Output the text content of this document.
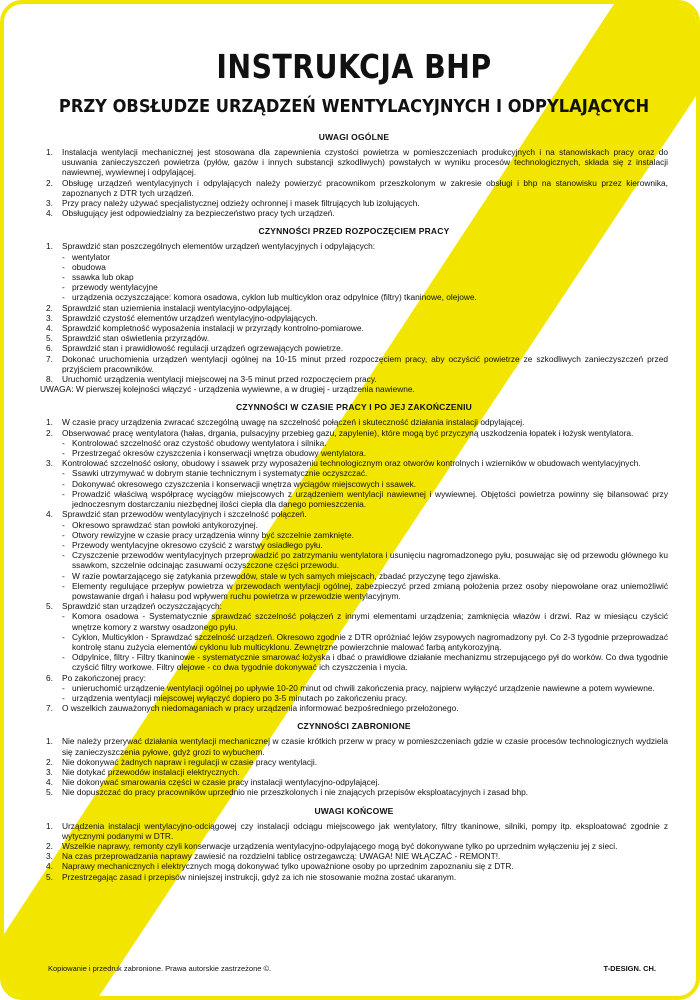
INSTRUKCJA BHP
PRZY OBSŁUDZE URZĄDZEŃ WENTYLACYJNYCH I ODPYLAJĄCYCH
UWAGI OGÓLNE
1. Instalacja wentylacji mechanicznej jest stosowana dla zapewnienia czystości powietrza w pomieszczeniach produkcyjnych i na stanowiskach pracy oraz do usuwania zanieczyszczeń powietrza (pyłów, gazów i innych substancji szkodliwych) powstałych w wyniku procesów technologicznych, składa się z instalacji nawiewnej, wywiewnej i odpylającej.
2. Obsługę urządzeń wentylacyjnych i odpylających należy powierzyć pracownikom przeszkolonym w zakresie obsługi i bhp na stanowisku przez kierownika, zapoznanych z DTR tych urządzeń.
3. Przy pracy należy używać specjalistycznej odzieży ochronnej i masek filtrujących lub izolujących.
4. Obsługujący jest odpowiedzialny za bezpieczeństwo pracy tych urządzeń.
CZYNNOŚCI PRZED ROZPOCZĘCIEM PRACY
1. Sprawdzić stan poszczególnych elementów urządzeń wentylacyjnych i odpylających:
- wentylator
- obudowa
- ssawka lub okap
- przewody wentylacyjne
- urządzenia oczyszczające: komora osadowa, cyklon lub multicyklon oraz odpylnice (filtry) tkaninowe, olejowe.
2. Sprawdzić stan uziemienia instalacji wentylacyjno-odpylającej.
3. Sprawdzić czystość elementów urządzeń wentylacyjno-odpylających.
4. Sprawdzić kompletność wyposażenia instalacji w przyrządy kontrolno-pomiarowe.
5. Sprawdzić stan oświetlenia przyrządów.
6. Sprawdzić stan i prawidłowość regulacji urządzeń ogrzewających powietrze.
7. Dokonać uruchomienia urządzeń wentylacji ogólnej na 10-15 minut przed rozpoczęciem pracy, aby oczyścić powietrze ze szkodliwych zanieczyszczeń przed przyjściem pracowników.
8. Uruchomić urządzenia wentylacji miejscowej na 3-5 minut przed rozpoczęciem pracy.
UWAGA: W pierwszej kolejności włączyć - urządzenia wywiewne, a w drugiej - urządzenia nawiewne.
CZYNNOŚCI W CZASIE PRACY I PO JEJ ZAKOŃCZENIU
1. W czasie pracy urządzenia zwracać szczególną uwagę na szczelność połączeń i skuteczność działania instalacji odpylającej.
2. Obserwować pracę wentylatora (hałas, drgania, pulsacyjny przebieg gazu, zapylenie), które mogą być przyczyną uszkodzenia łopatek i łożysk wentylatora.
- Kontrolować szczelność oraz czystość obudowy wentylatora i silnika.
- Przestrzegać okresów czyszczenia i konserwacji wnętrza obudowy wentylatora.
3. Kontrolować szczelność osłony, obudowy i ssawek przy wyposażeniu technologicznym oraz otworów kontrolnych i wzierników w obudowach wentylacyjnych.
- Ssawki utrzymywać w dobrym stanie technicznym i systematycznie oczyszczać.
- Dokonywać okresowego czyszczenia i konserwacji wnętrza wyciągów miejscowych i ssawek.
- Prowadzić właściwą współpracę wyciągów miejscowych z urządzeniem wentylacji nawiewnej i wywiewnej. Objętości powietrza powinny się bilansować przy jednoczesnym dostarczaniu niezbędnej ilości ciepła dla danego pomieszczenia.
4. Sprawdzić stan przewodów wentylacyjnych i szczelność połączeń.
- Okresowo sprawdzać stan powłoki antykorozyjnej.
- Otwory rewizyjne w czasie pracy urządzenia winny być szczelnie zamknięte.
- Przewody wentylacyjne okresowo czyścić z warstwy osiadłego pyłu.
- Czyszczenie przewodów wentylacyjnych przeprowadzić po zatrzymaniu wentylatora i usunięciu nagromadzonego pyłu, posuwając się od przewodu głównego ku ssawkom, szczelnie odcinając zasuwami oczyszczone części przewodu.
- W razie powtarzającego się zatykania przewodów, stale w tych samych miejscach, zbadać przyczynę tego zjawiska.
- Elementy regulujące przepływ powietrza w przewodach wentylacji ogólnej, zabezpieczyć przed zmianą położenia przez osoby niepowołane oraz uniemożliwić powstawanie drgań i hałasu pod wpływem ruchu powietrza w przewodzie wentylacyjnym.
5. Sprawdzić stan urządzeń oczyszczających:
- Komora osadowa - Systematycznie sprawdzać szczelność połączeń z innymi elementami urządzenia; zamknięcia włazów i drzwi. Raz w miesiącu czyścić wnętrze komory z warstwy osadzonego pyłu.
- Cyklon, Multicyklon - Sprawdzać szczelność urządzeń. Okresowo zgodnie z DTR opróżniać lejów zsypowych nagromadzony pył. Co 2-3 tygodnie przeprowadzać kontrolę stanu zużycia elementów cyklonu lub multicyklonu. Zewnętrzne powierzchnie malować farbą antykorozyjną.
- Odpylnice, filtry - Filtry tkaninowe - systematycznie smarować łożyska i dbać o prawidłowe działanie mechanizmu strzepującego pył do worków. Co dwa tygodnie czyścić filtry workowe. Filtry olejowe - co dwa tygodnie dokonywać ich czyszczenia i mycia.
6. Po zakończonej pracy:
- unieruchomić urządzenie wentylacji ogólnej po upływie 10-20 minut od chwili zakończenia pracy, najpierw wyłączyć urządzenie nawiewne a potem wywiewne.
- urządzenia wentylacji miejscowej wyłączyć dopiero po 3-5 minutach po zakończeniu pracy.
7. O wszelkich zauważonych niedomaganiach w pracy urządzenia informować bezpośredniego przełożonego.
CZYNNOŚCI ZABRONIONE
1. Nie należy przerywać działania wentylacji mechanicznej w czasie krótkich przerw w pracy w pomieszczeniach gdzie w czasie procesów technologicznych wydziela się zanieczyszczenia pyłowe, gdyż grozi to wybuchem.
2. Nie dokonywać żadnych napraw i regulacji w czasie pracy wentylacji.
3. Nie dotykać przewodów instalacji elektrycznych.
4. Nie dokonywać smarowania części w czasie pracy instalacji wentylacyjno-odpylającej.
5. Nie dopuszczać do pracy pracowników uprzednio nie przeszkolonych i nie znających przepisów eksploatacyjnych i zasad bhp.
UWAGI KOŃCOWE
1. Urządzenia instalacji wentylacyjno-odciągowej czy instalacji odciągu miejscowego jak wentylatory, filtry tkaninowe, silniki, pompy itp. eksploatować zgodnie z wytycznymi podanymi w DTR.
2. Wszelkie naprawy, remonty czyli konserwacje urządzenia wentylacyjno-odpylającego mogą być dokonywane tylko po uprzednim wyłączeniu jej z sieci.
3. Na czas przeprowadzania naprawy zawiesić na rozdzielni tablicę ostrzegawczą: UWAGA! NIE WŁĄCZAĆ - REMONT!.
4. Naprawy mechanicznych i elektrycznych mogą dokonywać tylko upoważnione osoby po uprzednim zapoznaniu się z DTR.
5. Przestrzegając zasad i przepisów niniejszej instrukcji, gdyż za ich nie stosowanie można zostać ukaranym.
Kopiowanie i przedruk zabronione. Prawa autorskie zastrzeżone ©.	T-DESIGN. CH.
